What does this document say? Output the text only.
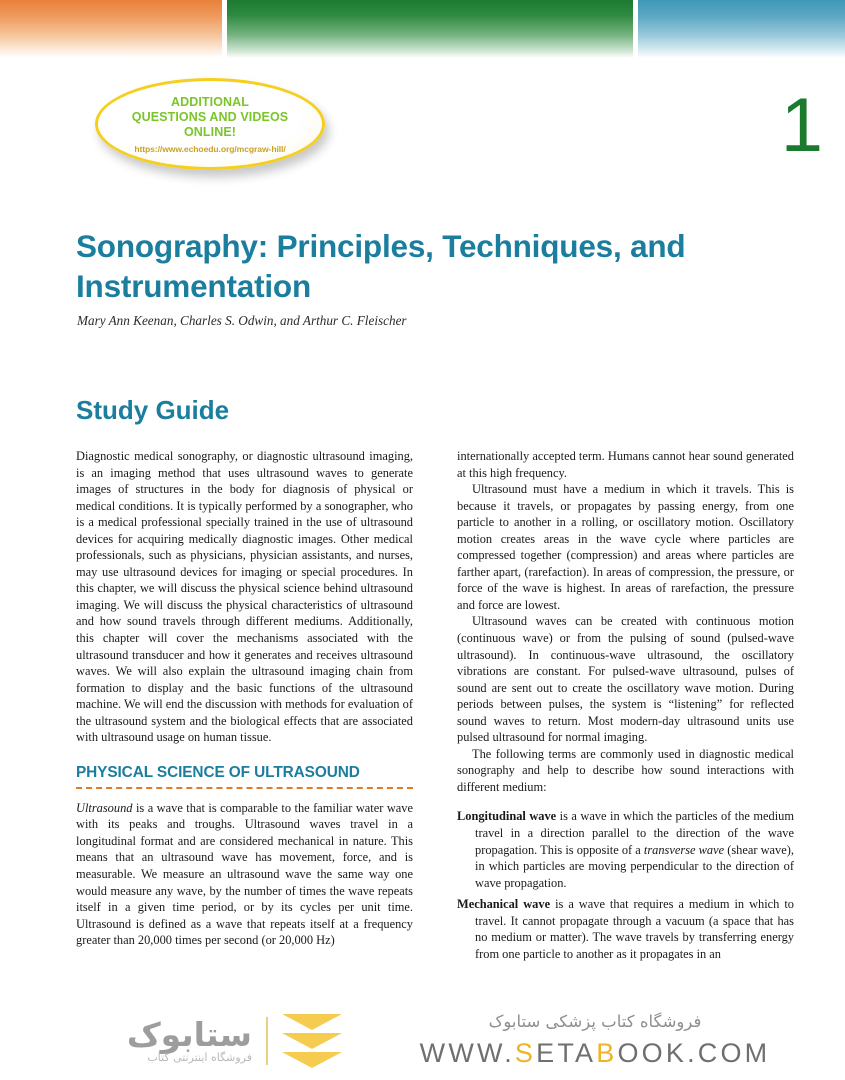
ADDITIONAL
QUESTIONS AND VIDEOS
ONLINE!
https://www.echoedu.org/mcgraw-hill/	1
Sonography: Principles, Techniques, and Instrumentation
Mary Ann Keenan, Charles S. Odwin, and Arthur C. Fleischer
Study Guide

Diagnostic medical sonography, or diagnostic ultrasound imaging, is an imaging method that uses ultrasound waves to generate images of structures in the body for diagnosis of physical or medical conditions. It is typically performed by a sonographer, who is a medical professional specially trained in the use of ultrasound devices for acquiring medically diagnostic images. Other medical professionals, such as physicians, physician assistants, and nurses, may use ultrasound devices for imaging or special procedures. In this chapter, we will discuss the physical science behind ultrasound imaging. We will discuss the physical characteristics of ultrasound and how sound travels through different mediums. Additionally, this chapter will cover the mechanisms associated with the ultrasound transducer and how it generates and receives ultrasound waves. We will also explain the ultrasound imaging chain from formation to display and the basic functions of the ultrasound machine. We will end the discussion with methods for evaluation of the ultrasound system and the biological effects that are associated with ultrasound usage on human tissue.

PHYSICAL SCIENCE OF ULTRASOUND

Ultrasound is a wave that is comparable to the familiar water wave with its peaks and troughs. Ultrasound waves travel in a longitudinal format and are considered mechanical in nature. This means that an ultrasound wave has movement, force, and is measurable. We measure an ultrasound wave the same way one would measure any wave, by the number of times the wave repeats itself in a given time period, or by its cycles per unit time. Ultrasound is defined as a wave that repeats itself at a frequency greater than 20,000 times per second (or 20,000 Hz)

internationally accepted term. Humans cannot hear sound generated at this high frequency.

Ultrasound must have a medium in which it travels. This is because it travels, or propagates by passing energy, from one particle to another in a rolling, or oscillatory motion. Oscillatory motion creates areas in the wave cycle where particles are compressed together (compression) and areas where particles are farther apart, (rarefaction). In areas of compression, the pressure, or force of the wave is highest. In areas of rarefaction, the pressure and force are lowest.

Ultrasound waves can be created with continuous motion (continuous wave) or from the pulsing of sound (pulsed-wave ultrasound). In continuous-wave ultrasound, the oscillatory vibrations are constant. For pulsed-wave ultrasound, pulses of sound are sent out to create the oscillatory wave motion. During periods between pulses, the system is “listening” for reflected sound waves to return. Most modern-day ultrasound units use pulsed ultrasound for normal imaging.

The following terms are commonly used in diagnostic medical sonography and help to describe how sound interactions with different medium:

Longitudinal wave is a wave in which the particles of the medium travel in a direction parallel to the direction of the wave propagation. This is opposite of a transverse wave (shear wave), in which particles are moving perpendicular to the direction of wave propagation.

Mechanical wave is a wave that requires a medium in which to travel. It cannot propagate through a vacuum (a space that has no medium or matter). The wave travels by transferring energy from one particle to another as it propagates in an

ستابوک
فروشگاه اینترنتی کتاب
فروشگاه کتاب پزشکی ستابوک
WWW.SETABOOK.COM
